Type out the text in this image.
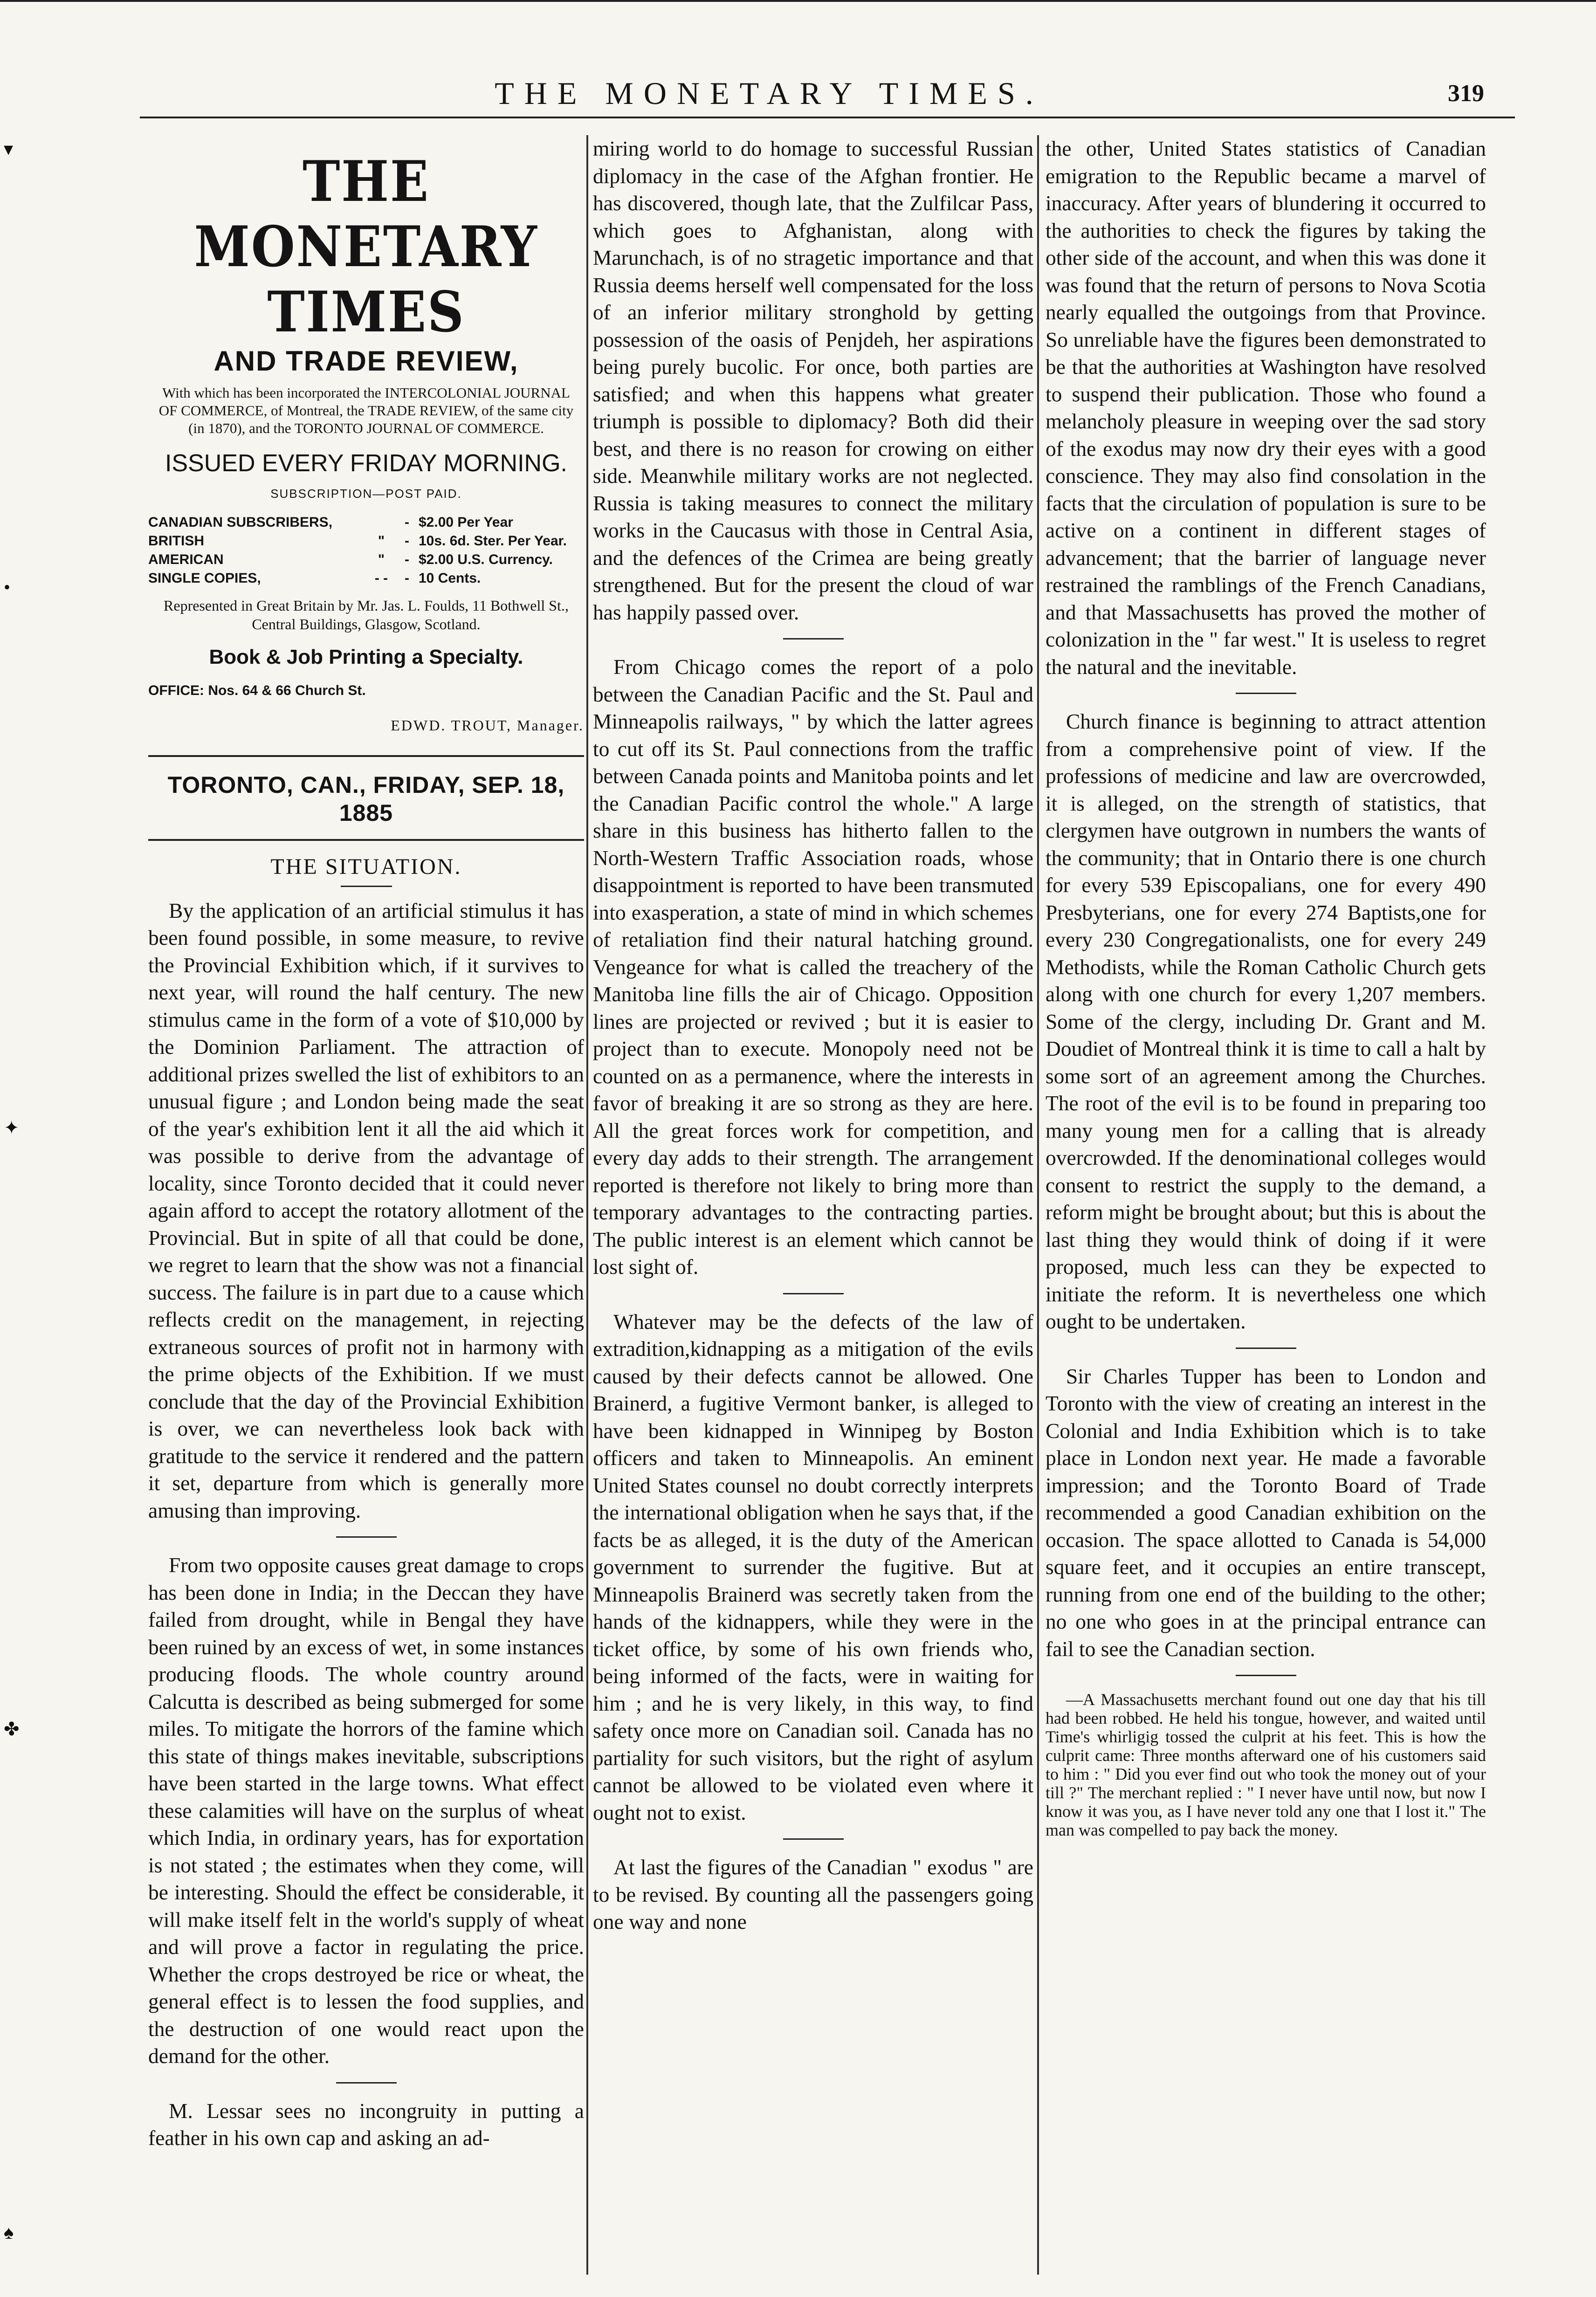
THE MONETARY TIMES.	319
▾
•
✦
✤
♠
THE MONETARY TIMES
AND TRADE REVIEW,
With which has been incorporated the INTERCOLONIAL JOURNAL OF COMMERCE, of Montreal, the TRADE REVIEW, of the same city (in 1870), and the TORONTO JOURNAL OF COMMERCE.
ISSUED EVERY FRIDAY MORNING.
SUBSCRIPTION—POST PAID.
CANADIAN SUBSCRIBERS,	- $2.00 Per Year
BRITISH	"	- 10s. 6d. Ster. Per Year.
AMERICAN	"	- $2.00 U.S. Currency.
SINGLE COPIES,	- -	- 10 Cents.
Represented in Great Britain by Mr. Jas. L. Foulds, 11 Bothwell St., Central Buildings, Glasgow, Scotland.
Book & Job Printing a Specialty.
OFFICE: Nos. 64 & 66 Church St.
EDWD. TROUT, Manager.
TORONTO, CAN., FRIDAY, SEP. 18, 1885
THE SITUATION.

By the application of an artificial stimulus it has been found possible, in some measure, to revive the Provincial Exhibition which, if it survives to next year, will round the half century. The new stimulus came in the form of a vote of $10,000 by the Dominion Parliament. The attraction of additional prizes swelled the list of exhibitors to an unusual figure ; and London being made the seat of the year's exhibition lent it all the aid which it was possible to derive from the advantage of locality, since Toronto decided that it could never again afford to accept the rotatory allotment of the Provincial. But in spite of all that could be done, we regret to learn that the show was not a financial success. The failure is in part due to a cause which reflects credit on the management, in rejecting extraneous sources of profit not in harmony with the prime objects of the Exhibition. If we must conclude that the day of the Provincial Exhibition is over, we can nevertheless look back with gratitude to the service it rendered and the pattern it set, departure from which is generally more amusing than improving.

From two opposite causes great damage to crops has been done in India; in the Deccan they have failed from drought, while in Bengal they have been ruined by an excess of wet, in some instances producing floods. The whole country around Calcutta is described as being submerged for some miles. To mitigate the horrors of the famine which this state of things makes inevitable, subscriptions have been started in the large towns. What effect these calamities will have on the surplus of wheat which India, in ordinary years, has for exportation is not stated ; the estimates when they come, will be interesting. Should the effect be considerable, it will make itself felt in the world's supply of wheat and will prove a factor in regulating the price. Whether the crops destroyed be rice or wheat, the general effect is to lessen the food supplies, and the destruction of one would react upon the demand for the other.

M. Lessar sees no incongruity in putting a feather in his own cap and asking an ad-

miring world to do homage to successful Russian diplomacy in the case of the Afghan frontier. He has discovered, though late, that the Zulfilcar Pass, which goes to Afghanistan, along with Marunchach, is of no stragetic importance and that Russia deems herself well compensated for the loss of an inferior military stronghold by getting possession of the oasis of Penjdeh, her aspirations being purely bucolic. For once, both parties are satisfied; and when this happens what greater triumph is possible to diplomacy? Both did their best, and there is no reason for crowing on either side. Meanwhile military works are not neglected. Russia is taking measures to connect the military works in the Caucasus with those in Central Asia, and the defences of the Crimea are being greatly strengthened. But for the present the cloud of war has happily passed over.

From Chicago comes the report of a polo between the Canadian Pacific and the St. Paul and Minneapolis railways, " by which the latter agrees to cut off its St. Paul connections from the traffic between Canada points and Manitoba points and let the Canadian Pacific control the whole." A large share in this business has hitherto fallen to the North-Western Traffic Association roads, whose disappointment is reported to have been transmuted into exasperation, a state of mind in which schemes of retaliation find their natural hatching ground. Vengeance for what is called the treachery of the Manitoba line fills the air of Chicago. Opposition lines are projected or revived ; but it is easier to project than to execute. Monopoly need not be counted on as a permanence, where the interests in favor of breaking it are so strong as they are here. All the great forces work for competition, and every day adds to their strength. The arrangement reported is therefore not likely to bring more than temporary advantages to the contracting parties. The public interest is an element which cannot be lost sight of.

Whatever may be the defects of the law of extradition,kidnapping as a mitigation of the evils caused by their defects cannot be allowed. One Brainerd, a fugitive Vermont banker, is alleged to have been kidnapped in Winnipeg by Boston officers and taken to Minneapolis. An eminent United States counsel no doubt correctly interprets the international obligation when he says that, if the facts be as alleged, it is the duty of the American government to surrender the fugitive. But at Minneapolis Brainerd was secretly taken from the hands of the kidnappers, while they were in the ticket office, by some of his own friends who, being informed of the facts, were in waiting for him ; and he is very likely, in this way, to find safety once more on Canadian soil. Canada has no partiality for such visitors, but the right of asylum cannot be allowed to be violated even where it ought not to exist.

At last the figures of the Canadian " exodus " are to be revised. By counting all the passengers going one way and none

the other, United States statistics of Canadian emigration to the Republic became a marvel of inaccuracy. After years of blundering it occurred to the authorities to check the figures by taking the other side of the account, and when this was done it was found that the return of persons to Nova Scotia nearly equalled the outgoings from that Province. So unreliable have the figures been demonstrated to be that the authorities at Washington have resolved to suspend their publication. Those who found a melancholy pleasure in weeping over the sad story of the exodus may now dry their eyes with a good conscience. They may also find consolation in the facts that the circulation of population is sure to be active on a continent in different stages of advancement; that the barrier of language never restrained the ramblings of the French Canadians, and that Massachusetts has proved the mother of colonization in the " far west." It is useless to regret the natural and the inevitable.

Church finance is beginning to attract attention from a comprehensive point of view. If the professions of medicine and law are overcrowded, it is alleged, on the strength of statistics, that clergymen have outgrown in numbers the wants of the community; that in Ontario there is one church for every 539 Episcopalians, one for every 490 Presbyterians, one for every 274 Baptists,one for every 230 Congregationalists, one for every 249 Methodists, while the Roman Catholic Church gets along with one church for every 1,207 members. Some of the clergy, including Dr. Grant and M. Doudiet of Montreal think it is time to call a halt by some sort of an agreement among the Churches. The root of the evil is to be found in preparing too many young men for a calling that is already overcrowded. If the denominational colleges would consent to restrict the supply to the demand, a reform might be brought about; but this is about the last thing they would think of doing if it were proposed, much less can they be expected to initiate the reform. It is nevertheless one which ought to be undertaken.

Sir Charles Tupper has been to London and Toronto with the view of creating an interest in the Colonial and India Exhibition which is to take place in London next year. He made a favorable impression; and the Toronto Board of Trade recommended a good Canadian exhibition on the occasion. The space allotted to Canada is 54,000 square feet, and it occupies an entire transcept, running from one end of the building to the other; no one who goes in at the principal entrance can fail to see the Canadian section.

—A Massachusetts merchant found out one day that his till had been robbed. He held his tongue, however, and waited until Time's whirligig tossed the culprit at his feet. This is how the culprit came: Three months afterward one of his customers said to him : " Did you ever find out who took the money out of your till ?" The merchant replied : " I never have until now, but now I know it was you, as I have never told any one that I lost it." The man was compelled to pay back the money.
